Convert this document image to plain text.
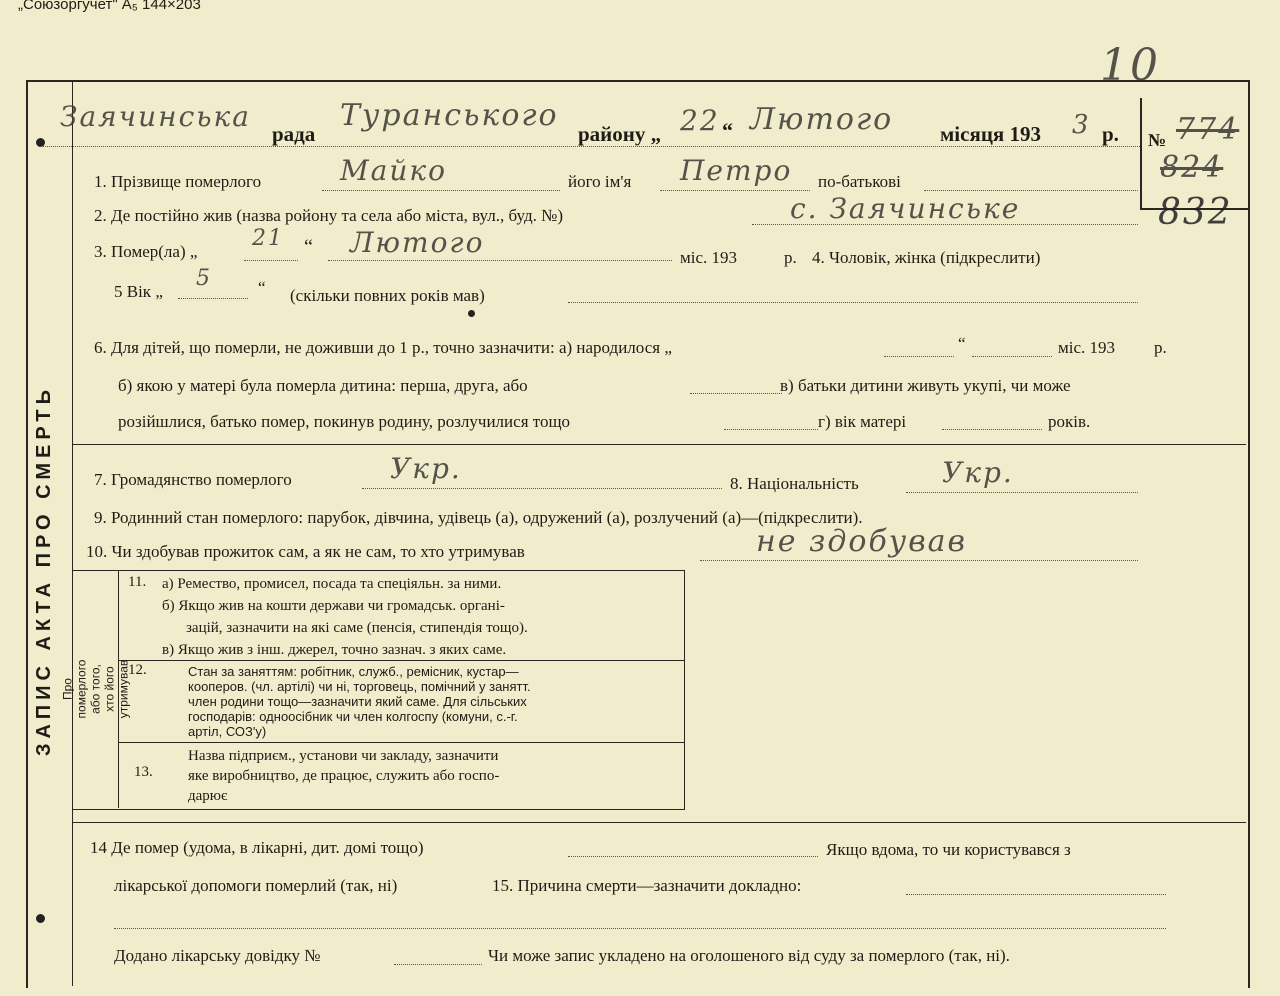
„Союзоргучет" А₅ 144×203
10
ЗАПИС АКТА ПРО СМЕРТЬ
№ 774
824
832
Заячинська
рада
Туранського
району „ 22 “ Лютого місяця 193 3 р.
1. Прізвище померлого	Майко	його ім'я Петро по-батькові
2. Де постійно жив (назва ройону та села або міста, вул., буд. №)	с. Заячинське
3. Помер(ла) „
21 “ Лютого	міс. 193	р. 4. Чоловік, жінка (підкреслити)
5 Вік „
5	“ (скільки повних років мав)
6. Для дітей, що померли, не доживши до 1 р., точно зазначити: а) народилося „	“	міс. 193 р.
б) якою у матері була померла дитина: перша, друга, або	в) батьки дитини живуть укупі, чи може
розійшлися, батько помер, покинув родину, розлучилися тощо	г) вік матері	років.
7. Громадянство померлого	Укр.	8. Національність	Укр.
9. Родинний стан померлого: парубок, дівчина, удівець (а), одружений (а), розлучений (а)—(підкреслити).
10. Чи здобував прожиток сам, а як не сам, то хто утримував	не здобував
Про померлого або того, хто його утримував
11. а) Ремество, промисел, посада та спеціяльн. за ними.
б) Якщо жив на кошти держави чи громадськ. органі-
зацій, зазначити на які саме (пенсія, стипендія тощо).
в) Якщо жив з інш. джерел, точно зазнач. з яких саме.
12.	Стан за заняттям: робітник, служб., ремісник, кустар—
кооперов. (чл. артілі) чи ні, торговець, помічний у занятт.
член родини тощо—зазначити який саме. Для сільських
господарів: одноосібник чи член колгоспу (комуни, с.-г.
артіл, СОЗ'у)
13.
Назва підприєм., установи чи закладу, зазначити
яке виробництво, де працює, служить або госпо-
дарює
14 Де помер (удома, в лікарні, дит. домі тощо)	Якщо вдома, то чи користувався з
лікарської допомоги померлий (так, ні)	15. Причина смерти—зазначити докладно:
Додано лікарську довідку №	Чи може запис укладено на оголошеного від суду за померлого (так, ні).
